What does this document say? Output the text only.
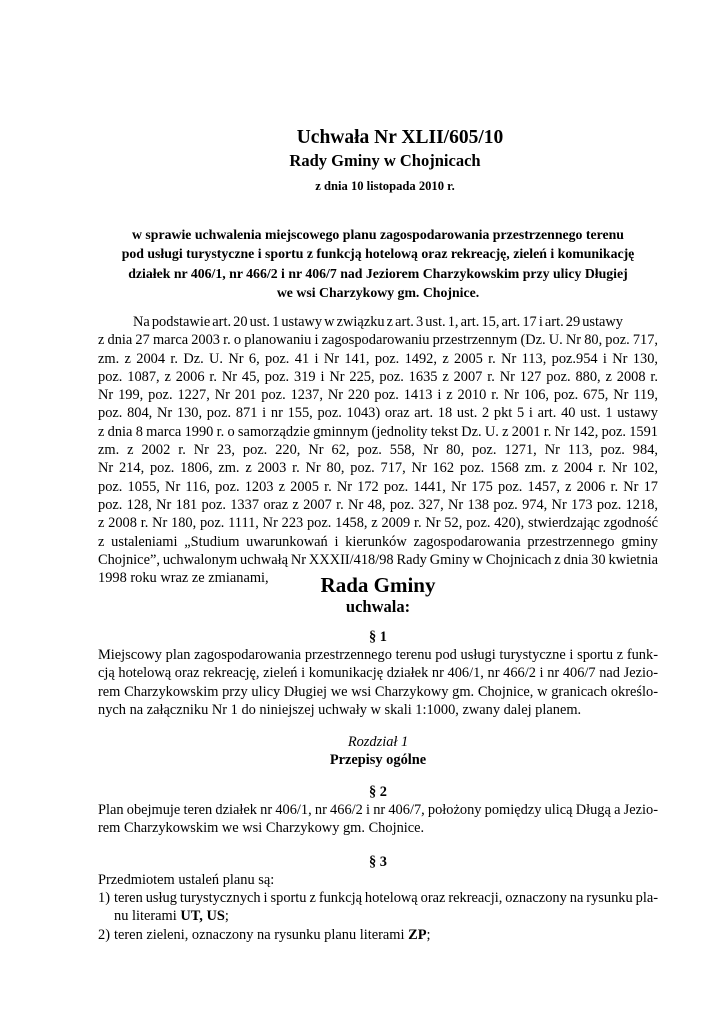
Uchwała Nr XLII/605/10
Rady Gminy w Chojnicach
z dnia 10 listopada 2010 r.
w sprawie uchwalenia miejscowego planu zagospodarowania przestrzennego terenu
pod usługi turystyczne i sportu z funkcją hotelową oraz rekreację, zieleń i komunikację
działek nr 406/1, nr 466/2 i nr 406/7 nad Jeziorem Charzykowskim przy ulicy Długiej
we wsi Charzykowy gm. Chojnice.
Na podstawie art. 20 ust. 1 ustawy w związku z art. 3 ust. 1, art. 15, art. 17 i art. 29 ustawy
z dnia 27 marca 2003 r. o planowaniu i zagospodarowaniu przestrzennym (Dz. U. Nr 80, poz. 717,
zm. z 2004 r. Dz. U. Nr 6, poz. 41 i Nr 141, poz. 1492, z 2005 r. Nr 113, poz.954 i Nr 130,
poz. 1087, z 2006 r. Nr 45, poz. 319 i Nr 225, poz. 1635 z 2007 r. Nr 127 poz. 880, z 2008 r.
Nr 199, poz. 1227, Nr 201 poz. 1237, Nr 220 poz. 1413 i z 2010 r. Nr 106, poz. 675, Nr 119,
poz. 804, Nr 130, poz. 871 i nr 155, poz. 1043) oraz art. 18 ust. 2 pkt 5 i art. 40 ust. 1 ustawy
z dnia 8 marca 1990 r. o samorządzie gminnym (jednolity tekst Dz. U. z 2001 r. Nr 142, poz. 1591
zm. z 2002 r. Nr 23, poz. 220, Nr 62, poz. 558, Nr 80, poz. 1271, Nr 113, poz. 984,
Nr 214, poz. 1806, zm. z 2003 r. Nr 80, poz. 717, Nr 162 poz. 1568 zm. z 2004 r. Nr 102,
poz. 1055, Nr 116, poz. 1203 z 2005 r. Nr 172 poz. 1441, Nr 175 poz. 1457, z 2006 r. Nr 17
poz. 128, Nr 181 poz. 1337 oraz z 2007 r. Nr 48, poz. 327, Nr 138 poz. 974, Nr 173 poz. 1218,
z 2008 r. Nr 180, poz. 1111, Nr 223 poz. 1458, z 2009 r. Nr 52, poz. 420), stwierdzając zgodność
z ustaleniami „Studium uwarunkowań i kierunków zagospodarowania przestrzennego gminy
Chojnice”, uchwalonym uchwałą Nr XXXII/418/98 Rady Gminy w Chojnicach z dnia 30 kwietnia
1998 roku wraz ze zmianami,	Rada Gminy
uchwala:
§ 1
Miejscowy plan zagospodarowania przestrzennego terenu pod usługi turystyczne i sportu z funk-
cją hotelową oraz rekreację, zieleń i komunikację działek nr 406/1, nr 466/2 i nr 406/7 nad Jezio-
rem Charzykowskim przy ulicy Długiej we wsi Charzykowy gm. Chojnice, w granicach określo-
nych na załączniku Nr 1 do niniejszej uchwały w skali 1:1000, zwany dalej planem.
Rozdział 1
Przepisy ogólne
§ 2
Plan obejmuje teren działek nr 406/1, nr 466/2 i nr 406/7, położony pomiędzy ulicą Długą a Jezio-
rem Charzykowskim we wsi Charzykowy gm. Chojnice.
§ 3
Przedmiotem ustaleń planu są:
1) teren usług turystycznych i sportu z funkcją hotelową oraz rekreacji, oznaczony na rysunku pla-
nu literami UT, US;
2) teren zieleni, oznaczony na rysunku planu literami ZP;
